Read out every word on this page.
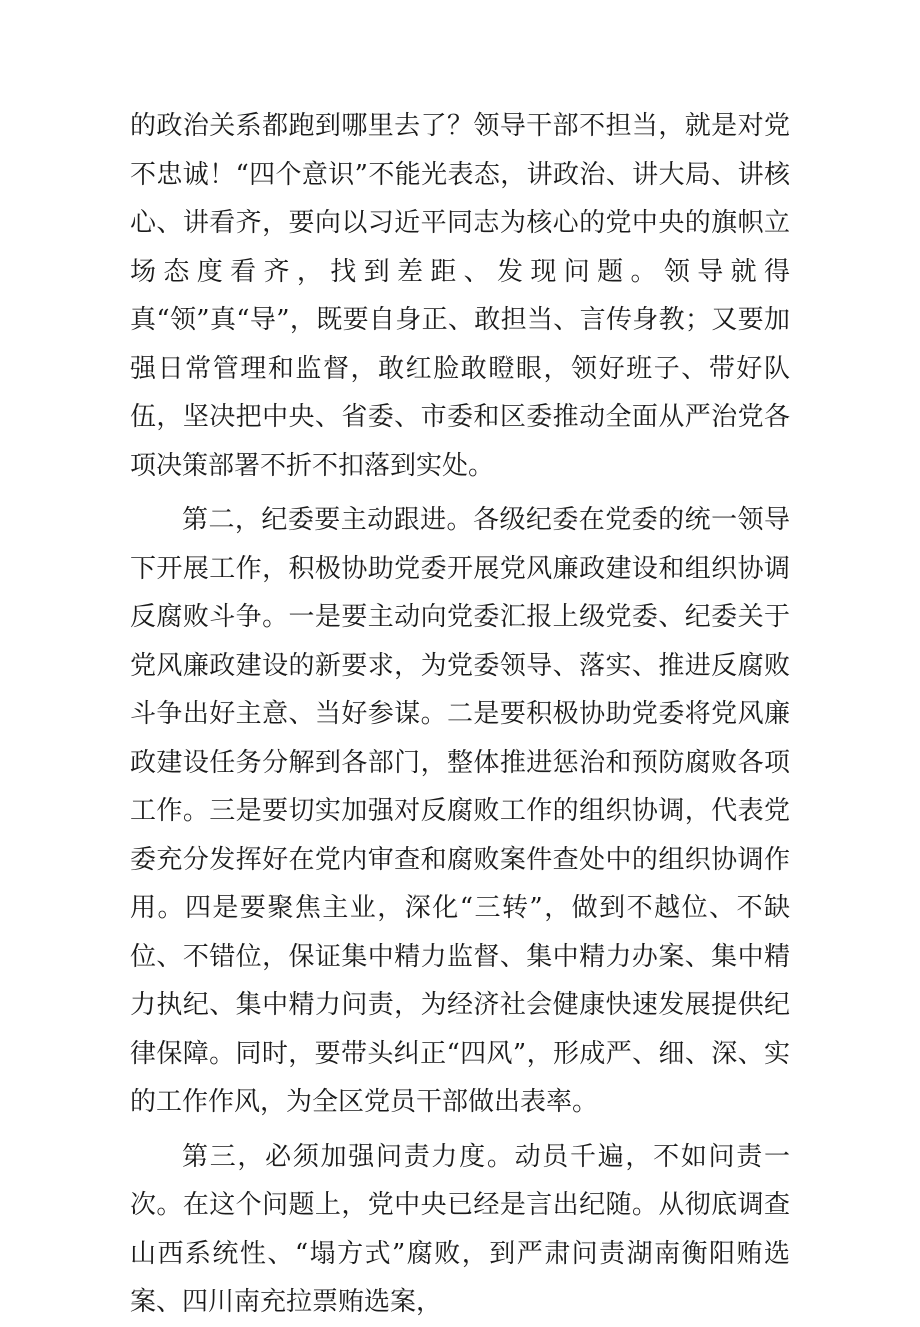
的政治关系都跑到哪里去了？领导干部不担当，就是对党不忠诚！“四个意识”不能光表态，讲政治、讲大局、讲核心、讲看齐，要向以习近平同志为核心的党中央的旗帜立场态度看齐，找到差距、发现问题。领导就得真“领”真“导”，既要自身正、敢担当、言传身教；又要加强日常管理和监督，敢红脸敢瞪眼，领好班子、带好队伍，坚决把中央、省委、市委和区委推动全面从严治党各项决策部署不折不扣落到实处。

第二，纪委要主动跟进。各级纪委在党委的统一领导下开展工作，积极协助党委开展党风廉政建设和组织协调反腐败斗争。一是要主动向党委汇报上级党委、纪委关于党风廉政建设的新要求，为党委领导、落实、推进反腐败斗争出好主意、当好参谋。二是要积极协助党委将党风廉政建设任务分解到各部门，整体推进惩治和预防腐败各项工作。三是要切实加强对反腐败工作的组织协调，代表党委充分发挥好在党内审查和腐败案件查处中的组织协调作用。四是要聚焦主业，深化“三转”，做到不越位、不缺位、不错位，保证集中精力监督、集中精力办案、集中精力执纪、集中精力问责，为经济社会健康快速发展提供纪律保障。同时，要带头纠正“四风”，形成严、细、深、实的工作作风，为全区党员干部做出表率。

第三，必须加强问责力度。动员千遍，不如问责一次。在这个问题上，党中央已经是言出纪随。从彻底调查山西系统性、“塌方式”腐败，到严肃问责湖南衡阳贿选案、四川南充拉票贿选案，
